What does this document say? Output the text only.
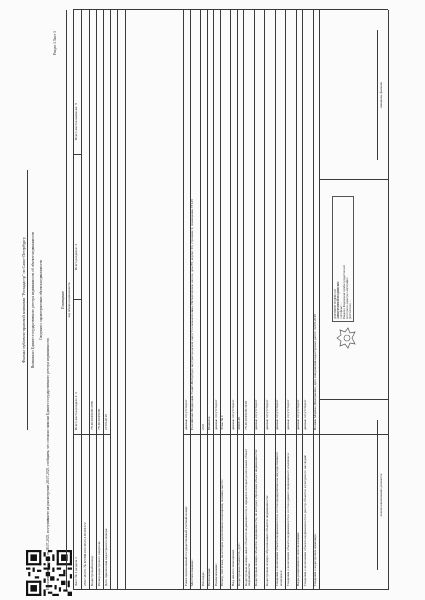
Филиал публично-правовой компании "Роскадастр" по Санкт-Петербургу Выписка из Единого государственного реестра недвижимости об объекте недвижимости Сведения о характеристиках объекта недвижимости
На основании запроса от 28.07.2025, поступившего на рассмотрение 28.07.2025, сообщаем, что согласно записям Единого государственного реестра недвижимости:
Раздел 1 Лист 1
Помещение вид объекта недвижимости
Лист № 1 раздела 1
Всего листов раздела 1: 2
Всего разделов: 3
Всего листов выписки: 9
28.07.2025г. № КУВИ-001/2025-146481472 Кадастровый номер:
78:40:0019106:3700
Номер кадастрового квартала:
78:40:0019106
Дата присвоения кадастрового номера:
27.09.2019
Ранее присвоенный государственный учетный номер:
данные отсутствуют
Местоположение:
Российская Федерация, Санкт-Петербург, внутригородской округ Сосновая поляна, Петергофское шоссе, дом 88, корпус 10, строение 1, помещение 371-Н
Площадь:
23.6
Назначение:
Нежилое
Наименование:
данные отсутствуют
Номер, тип этажа, на котором расположено помещение, машино-место:
Этаж № 1
Вид жилого помещения:
данные отсутствуют
Кадастровая стоимость, руб.:
49460.26
Кадастровые номера иных объектов недвижимости, в пределах которых расположен объект недвижимости:
78:40:0019106:3198
Кадастровые номера объектов недвижимости, из которых образован объект недвижимости:
данные отсутствуют
Кадастровые номера образованных объектов недвижимости:
данные отсутствуют
Сведения о включении объекта недвижимости в состав предприятия как имущественного комплекса:
данные отсутствуют
Сведения о включении объекта недвижимости в состав единого недвижимого комплекса:
данные отсутствуют
Виды разрешенного использования:
данные отсутствуют
Сведения о включении объекта недвижимости в реестр объектов культурного наследия:
данные отсутствуют
Сведения о кадастровом инженере:
Волина Марина Дмитриевна, дата завершения кадастровых работ: 22.09.2019
ДОКУМЕНТ ПОДПИСАН ЭЛЕКТРОННОЙ ПОДПИСЬЮ Сертификат: ... Владелец: Федеральная служба государственной регистрации, кадастра и картографии Действителен: ...
полное наименование должности
инициалы, фамилия
